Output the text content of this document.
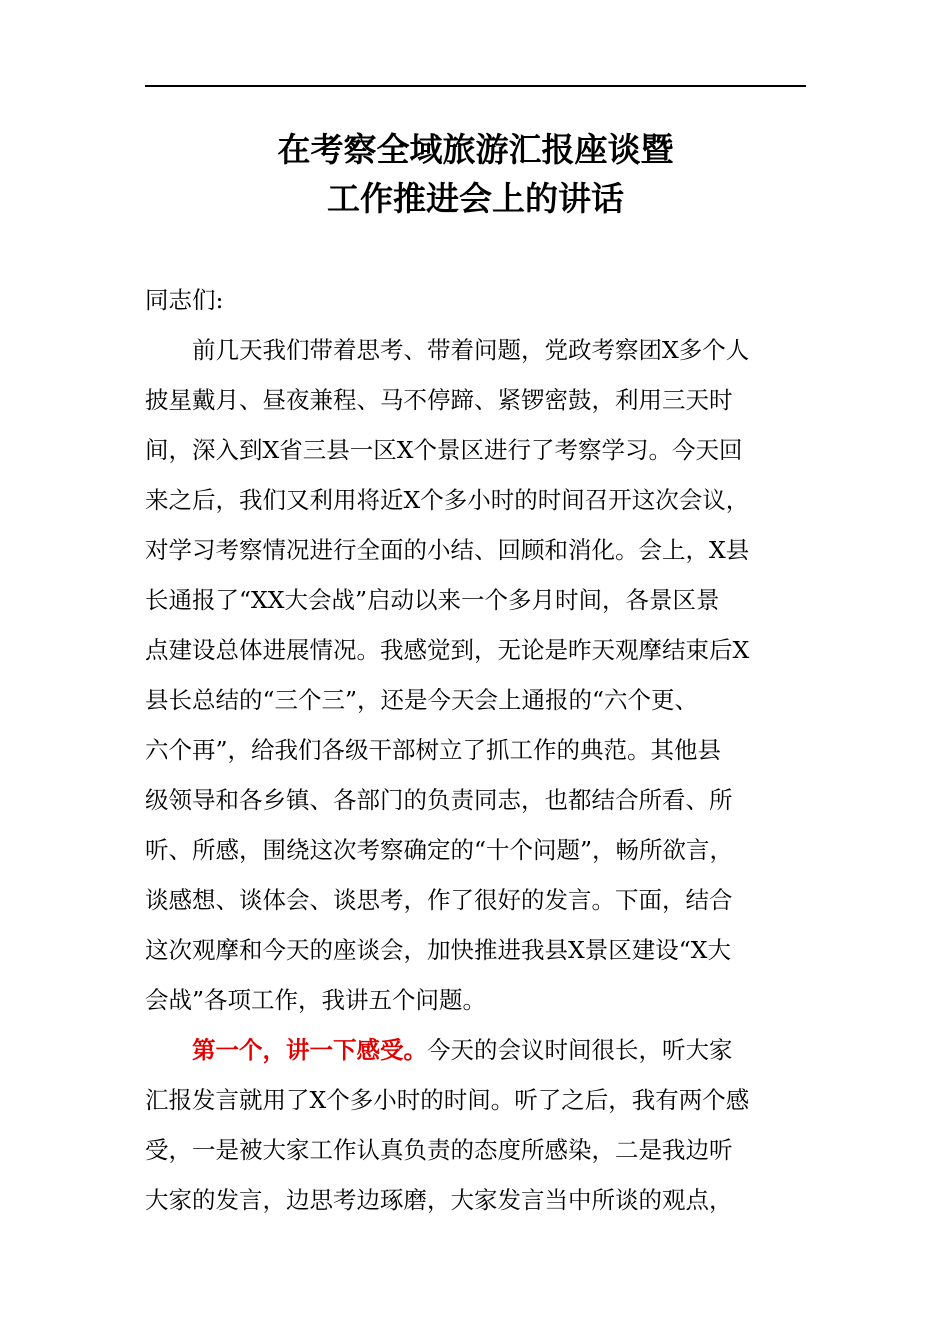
在考察全域旅游汇报座谈暨
工作推进会上的讲话
同志们:
前几天我们带着思考、带着问题，党政考察团X多个人
披星戴月、昼夜兼程、马不停蹄、紧锣密鼓，利用三天时
间，深入到X省三县一区X个景区进行了考察学习。今天回
来之后，我们又利用将近X个多小时的时间召开这次会议，
对学习考察情况进行全面的小结、回顾和消化。会上，X县
长通报了“XX大会战”启动以来一个多月时间，各景区景
点建设总体进展情况。我感觉到，无论是昨天观摩结束后X
县长总结的“三个三”，还是今天会上通报的“六个更、
六个再”，给我们各级干部树立了抓工作的典范。其他县
级领导和各乡镇、各部门的负责同志，也都结合所看、所
听、所感，围绕这次考察确定的“十个问题”，畅所欲言，
谈感想、谈体会、谈思考，作了很好的发言。下面，结合
这次观摩和今天的座谈会，加快推进我县X景区建设“X大
会战”各项工作，我讲五个问题。
第一个，讲一下感受。今天的会议时间很长，听大家
汇报发言就用了X个多小时的时间。听了之后，我有两个感
受，一是被大家工作认真负责的态度所感染，二是我边听
大家的发言，边思考边琢磨，大家发言当中所谈的观点，
